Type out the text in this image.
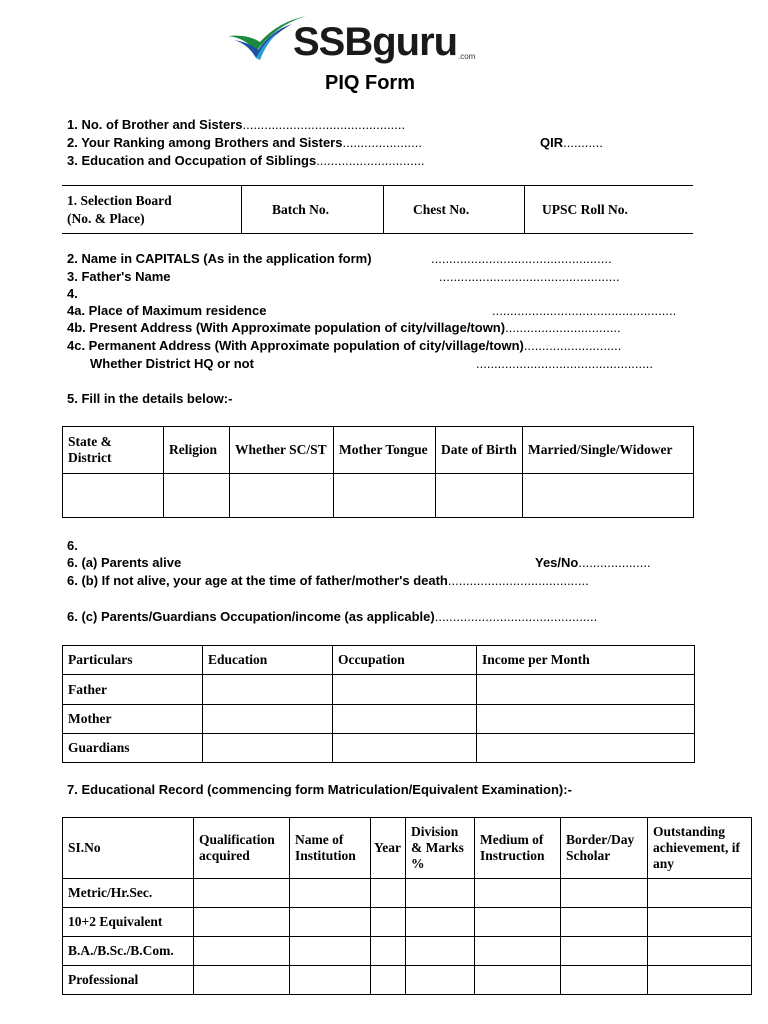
SSBguru .com
PIQ Form
1. No. of Brother and Sisters.............................................
2. Your Ranking among Brothers and Sisters......................	QIR...........
3. Education and Occupation of Siblings..............................
1. Selection Board
(No. & Place)
Batch No.	Chest No.	UPSC Roll No.
2. Name in CAPITALS (As in the application form)	..................................................
3. Father's Name	..................................................
4.
4a. Place of Maximum residence	...................................................
4b. Present Address (With Approximate population of city/village/town)................................
4c. Permanent Address (With Approximate population of city/village/town)...........................
Whether District HQ or not	.................................................
5. Fill in the details below:-
State & District	Religion	Whether SC/ST	Mother Tongue	Date of Birth	Married/Single/Widower

6.
6. (a) Parents alive	Yes/No....................
6. (b) If not alive, your age at the time of father/mother's death.......................................
6. (c) Parents/Guardians Occupation/income (as applicable).............................................
Particulars	Education	Occupation	Income per Month
Father			
Mother			
Guardians			
7. Educational Record (commencing form Matriculation/Equivalent Examination):-
SI.No	Qualification acquired	Name of Institution	Year	Division & Marks %	Medium of Instruction	Border/Day Scholar	Outstanding achievement, if any
Metric/Hr.Sec.							
10+2 Equivalent							
B.A./B.Sc./B.Com.							
Professional							
